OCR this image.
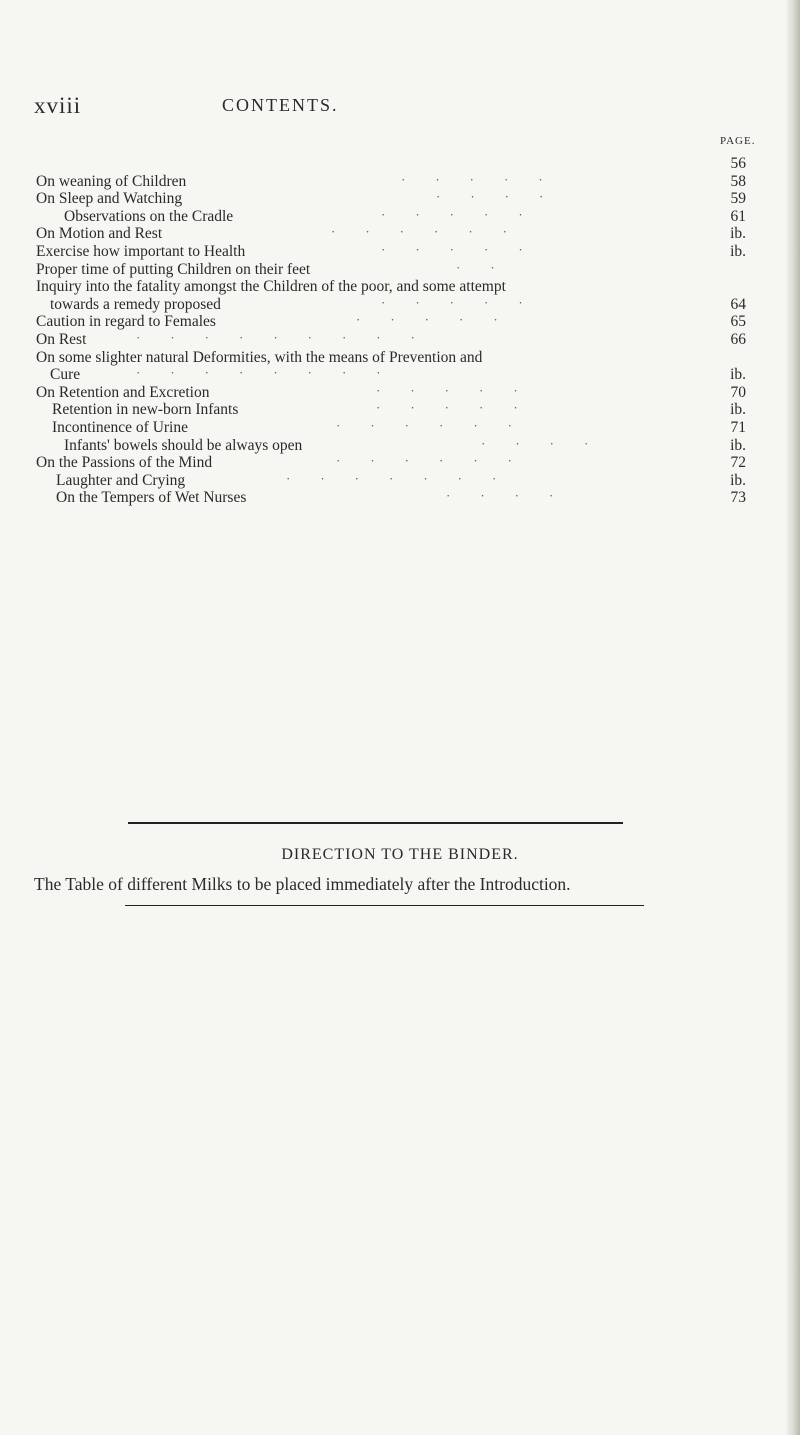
xviii	CONTENTS.
PAGE.
56
On weaning of Children	·····	58
On Sleep and Watching	····	59
Observations on the Cradle	·····	61
On Motion and Rest	······	ib.
Exercise how important to Health	·····	ib.
Proper time of putting Children on their feet	··
Inquiry into the fatality amongst the Children of the poor, and some attempt
towards a remedy proposed	·····	64
Caution in regard to Females	·····	65
On Rest	·········	66
On some slighter natural Deformities, with the means of Prevention and
Cure	········	ib.
On Retention and Excretion	·····	70
Retention in new-born Infants	·····	ib.
Incontinence of Urine	······	71
Infants' bowels should be always open	····	ib.
On the Passions of the Mind	······	72
Laughter and Crying	·······	ib.
On the Tempers of Wet Nurses	····	73
DIRECTION TO THE BINDER.
The Table of different Milks to be placed immediately after the Introduction.
